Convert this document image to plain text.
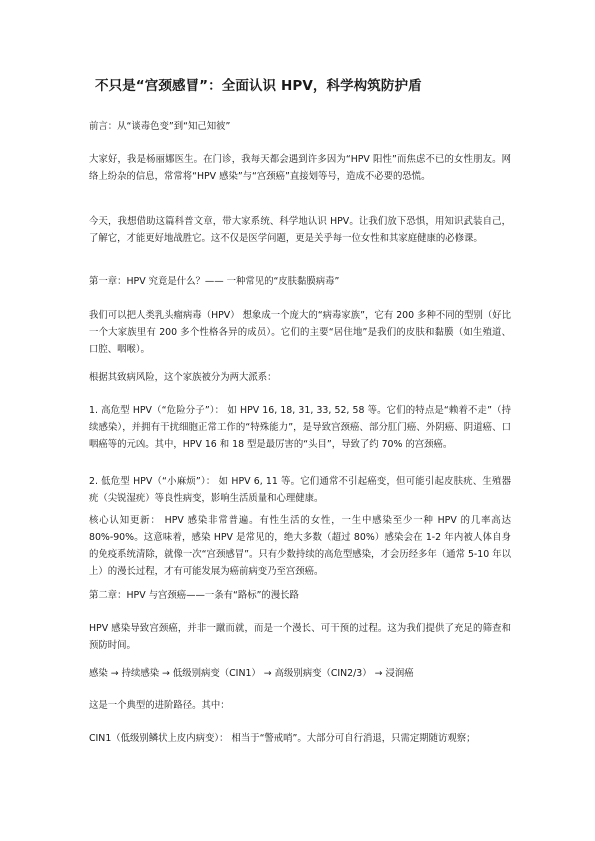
不只是“宫颈感冒”：全面认识 HPV，科学构筑防护盾
前言：从“谈毒色变”到“知己知彼”
大家好，我是杨丽娜医生。在门诊，我每天都会遇到许多因为“HPV 阳性”而焦虑不已的女性朋友。网络上纷杂的信息，常常将“HPV 感染”与“宫颈癌”直接划等号，造成不必要的恐慌。
今天，我想借助这篇科普文章，带大家系统、科学地认识 HPV。让我们放下恐惧，用知识武装自己，了解它，才能更好地战胜它。这不仅是医学问题，更是关乎每一位女性和其家庭健康的必修课。
第一章：HPV 究竟是什么？—— 一种常见的“皮肤黏膜病毒”
我们可以把人类乳头瘤病毒（HPV） 想象成一个庞大的“病毒家族”，它有 200 多种不同的型别（好比一个大家族里有 200 多个性格各异的成员）。它们的主要“居住地”是我们的皮肤和黏膜（如生殖道、口腔、咽喉）。
根据其致病风险，这个家族被分为两大派系：
1. 高危型 HPV（“危险分子”）： 如 HPV 16, 18, 31, 33, 52, 58 等。它们的特点是“赖着不走”（持续感染），并拥有干扰细胞正常工作的“特殊能力”，是导致宫颈癌、部分肛门癌、外阴癌、阴道癌、口咽癌等的元凶。其中，HPV 16 和 18 型是最厉害的“头目”，导致了约 70% 的宫颈癌。
2. 低危型 HPV（“小麻烦”）： 如 HPV 6, 11 等。它们通常不引起癌变，但可能引起皮肤疣、生殖器疣（尖锐湿疣）等良性病变，影响生活质量和心理健康。
核心认知更新： HPV 感染非常普遍。有性生活的女性，一生中感染至少一种 HPV 的几率高达 80%-90%。这意味着，感染 HPV 是常见的，绝大多数（超过 80%）感染会在 1-2 年内被人体自身的免疫系统清除，就像一次“宫颈感冒”。只有少数持续的高危型感染，才会历经多年（通常 5-10 年以上）的漫长过程，才有可能发展为癌前病变乃至宫颈癌。
第二章：HPV 与宫颈癌——一条有“路标”的漫长路
HPV 感染导致宫颈癌，并非一蹴而就，而是一个漫长、可干预的过程。这为我们提供了充足的筛查和预防时间。
感染 → 持续感染 → 低级别病变（CIN1） → 高级别病变（CIN2/3） → 浸润癌
这是一个典型的进阶路径。其中：
CIN1（低级别鳞状上皮内病变）： 相当于“警戒哨”。大部分可自行消退，只需定期随访观察；
